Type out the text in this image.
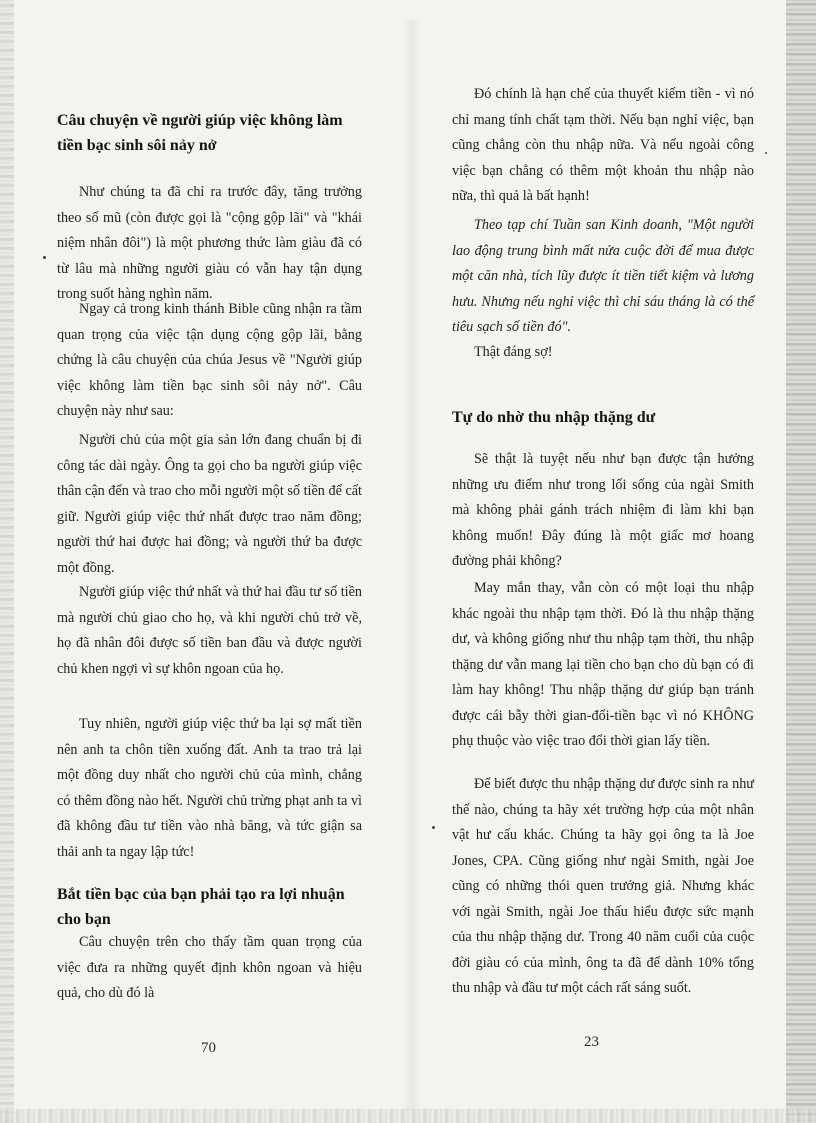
Câu chuyện về người giúp việc không làm tiền bạc sinh sôi nảy nở

Như chúng ta đã chỉ ra trước đây, tăng trưởng theo số mũ (còn được gọi là "cộng gộp lãi" và "khái niệm nhân đôi") là một phương thức làm giàu đã có từ lâu mà những người giàu có vẫn hay tận dụng trong suốt hàng nghìn năm.

Ngay cả trong kinh thánh Bible cũng nhận ra tầm quan trọng của việc tận dụng cộng gộp lãi, bằng chứng là câu chuyện của chúa Jesus về "Người giúp việc không làm tiền bạc sinh sôi nảy nở". Câu chuyện này như sau:

Người chủ của một gia sản lớn đang chuẩn bị đi công tác dài ngày. Ông ta gọi cho ba người giúp việc thân cận đến và trao cho mỗi người một số tiền để cất giữ. Người giúp việc thứ nhất được trao năm đồng; người thứ hai được hai đồng; và người thứ ba được một đồng.

Người giúp việc thứ nhất và thứ hai đầu tư số tiền mà người chủ giao cho họ, và khi người chủ trở về, họ đã nhân đôi được số tiền ban đầu và được người chủ khen ngợi vì sự khôn ngoan của họ.

Tuy nhiên, người giúp việc thứ ba lại sợ mất tiền nên anh ta chôn tiền xuống đất. Anh ta trao trả lại một đồng duy nhất cho người chủ của mình, chẳng có thêm đồng nào hết. Người chủ trừng phạt anh ta vì đã không đầu tư tiền vào nhà băng, và tức giận sa thải anh ta ngay lập tức!

Bắt tiền bạc của bạn phải tạo ra lợi nhuận cho bạn

Câu chuyện trên cho thấy tầm quan trọng của việc đưa ra những quyết định khôn ngoan và hiệu quả, cho dù đó là

70

Đó chính là hạn chế của thuyết kiếm tiền - vì nó chỉ mang tính chất tạm thời. Nếu bạn nghỉ việc, bạn cũng chẳng còn thu nhập nữa. Và nếu ngoài công việc bạn chẳng có thêm một khoản thu nhập nào nữa, thì quả là bất hạnh!

Theo tạp chí Tuần san Kinh doanh, "Một người lao động trung bình mất nửa cuộc đời để mua được một căn nhà, tích lũy được ít tiền tiết kiệm và lương hưu. Nhưng nếu nghỉ việc thì chỉ sáu tháng là có thể tiêu sạch số tiền đó".

Thật đáng sợ!

Tự do nhờ thu nhập thặng dư

Sẽ thật là tuyệt nếu như bạn được tận hưởng những ưu điểm như trong lối sống của ngài Smith mà không phải gánh trách nhiệm đi làm khi bạn không muốn! Đây đúng là một giấc mơ hoang đường phải không?

May mắn thay, vẫn còn có một loại thu nhập khác ngoài thu nhập tạm thời. Đó là thu nhập thặng dư, và không giống như thu nhập tạm thời, thu nhập thặng dư vẫn mang lại tiền cho bạn cho dù bạn có đi làm hay không! Thu nhập thặng dư giúp bạn tránh được cái bẫy thời gian-đổi-tiền bạc vì nó KHÔNG phụ thuộc vào việc trao đổi thời gian lấy tiền.

Để biết được thu nhập thặng dư được sinh ra như thế nào, chúng ta hãy xét trường hợp của một nhân vật hư cấu khác. Chúng ta hãy gọi ông ta là Joe Jones, CPA. Cũng giống như ngài Smith, ngài Joe cũng có những thói quen trưởng giả. Nhưng khác với ngài Smith, ngài Joe thấu hiểu được sức mạnh của thu nhập thặng dư. Trong 40 năm cuối của cuộc đời giàu có của mình, ông ta đã để dành 10% tổng thu nhập và đầu tư một cách rất sáng suốt.

23
